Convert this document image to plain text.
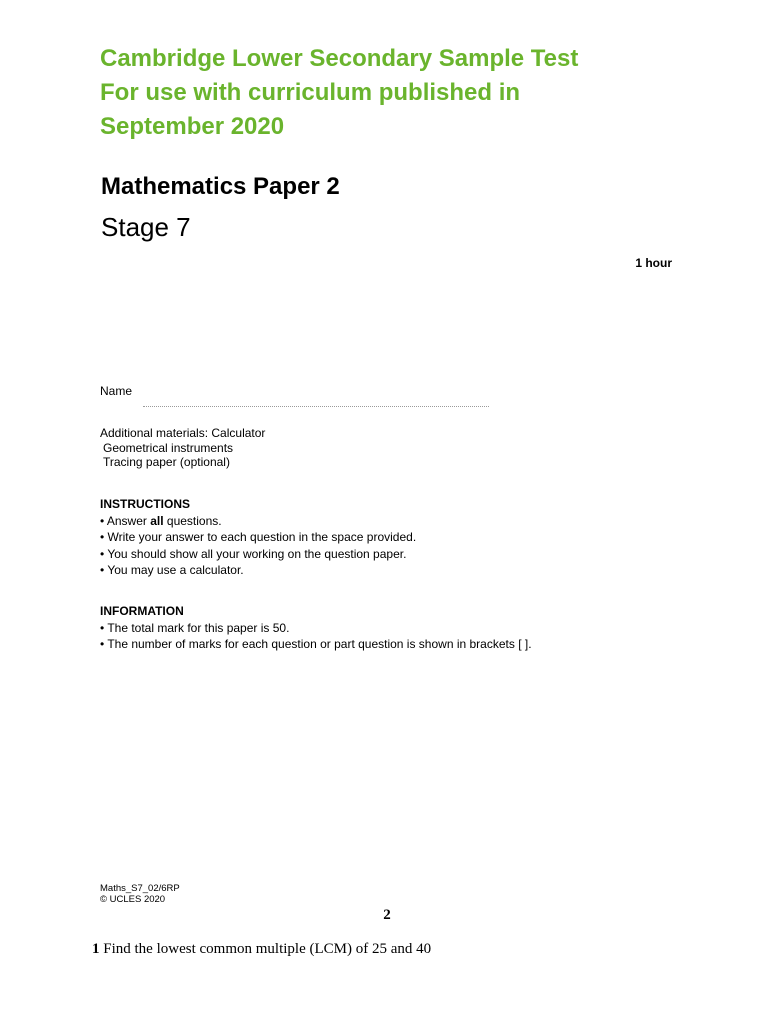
Cambridge Lower Secondary Sample Test
For use with curriculum published in
September 2020
Mathematics Paper 2
Stage 7
1 hour
Name
Additional materials: Calculator
Geometrical instruments
Tracing paper (optional)
INSTRUCTIONS
• Answer all questions.
• Write your answer to each question in the space provided.
• You should show all your working on the question paper.
• You may use a calculator.
INFORMATION
• The total mark for this paper is 50.
• The number of marks for each question or part question is shown in brackets [ ].
Maths_S7_02/6RP
© UCLES 2020
2
1 Find the lowest common multiple (LCM) of 25 and 40
